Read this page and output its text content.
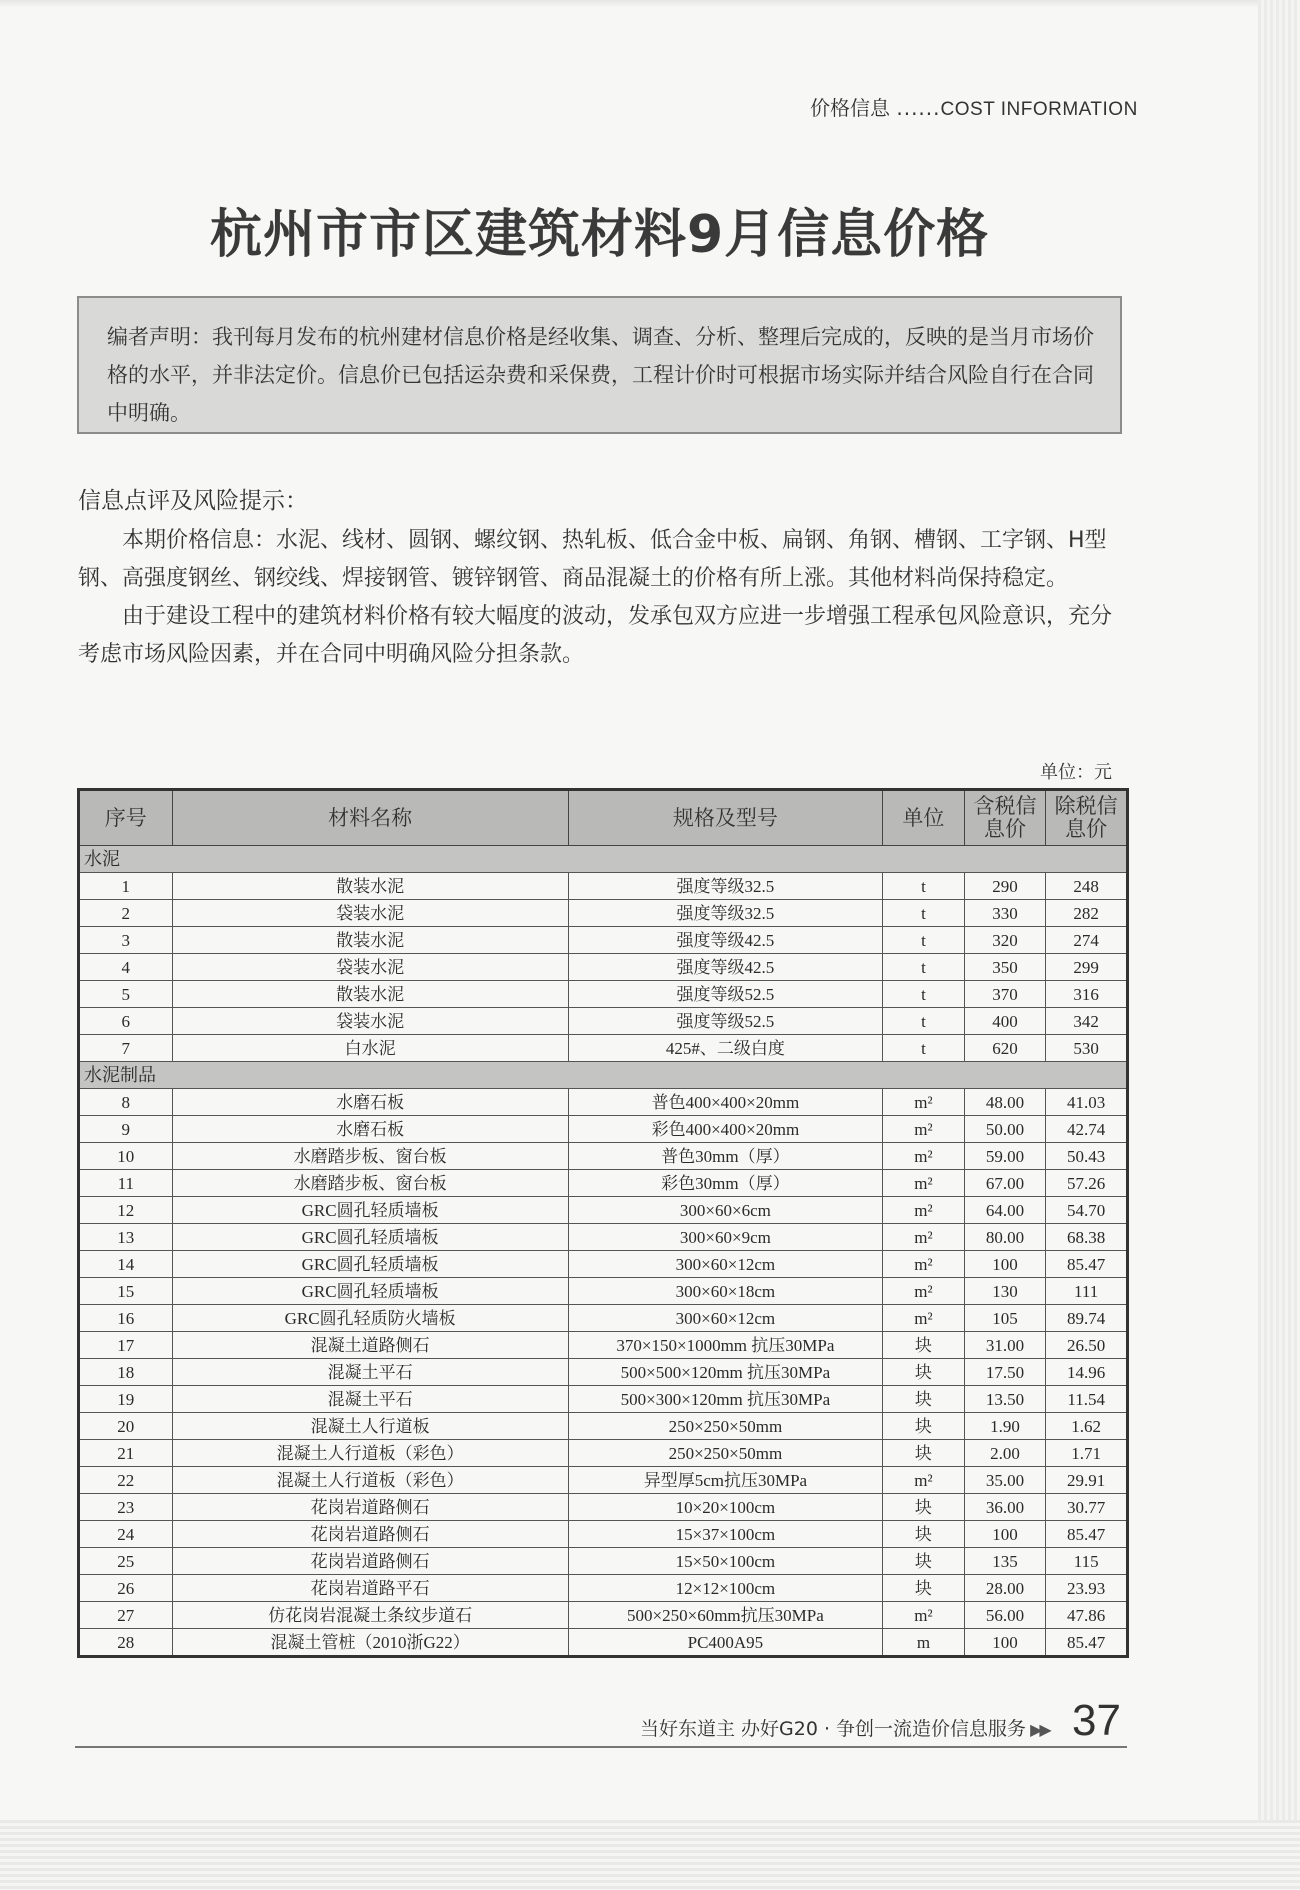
价格信息 ......COST INFORMATION
杭州市市区建筑材料9月信息价格
编者声明：我刊每月发布的杭州建材信息价格是经收集、调查、分析、整理后完成的，反映的是当月市场价格的水平，并非法定价。信息价已包括运杂费和采保费，工程计价时可根据市场实际并结合风险自行在合同中明确。
信息点评及风险提示：
本期价格信息：水泥、线材、圆钢、螺纹钢、热轧板、低合金中板、扁钢、角钢、槽钢、工字钢、H型钢、高强度钢丝、钢绞线、焊接钢管、镀锌钢管、商品混凝土的价格有所上涨。其他材料尚保持稳定。
由于建设工程中的建筑材料价格有较大幅度的波动，发承包双方应进一步增强工程承包风险意识，充分考虑市场风险因素，并在合同中明确风险分担条款。
单位：元
序号	材料名称	规格及型号	单位	含税信息价	除税信息价
水泥					
1	散装水泥	强度等级32.5	t	290	248
2	袋装水泥	强度等级32.5	t	330	282
3	散装水泥	强度等级42.5	t	320	274
4	袋装水泥	强度等级42.5	t	350	299
5	散装水泥	强度等级52.5	t	370	316
6	袋装水泥	强度等级52.5	t	400	342
7	白水泥	425#、二级白度	t	620	530
水泥制品					
8	水磨石板	普色400×400×20mm	m²	48.00	41.03
9	水磨石板	彩色400×400×20mm	m²	50.00	42.74
10	水磨踏步板、窗台板	普色30mm（厚）	m²	59.00	50.43
11	水磨踏步板、窗台板	彩色30mm（厚）	m²	67.00	57.26
12	GRC圆孔轻质墙板	300×60×6cm	m²	64.00	54.70
13	GRC圆孔轻质墙板	300×60×9cm	m²	80.00	68.38
14	GRC圆孔轻质墙板	300×60×12cm	m²	100	85.47
15	GRC圆孔轻质墙板	300×60×18cm	m²	130	111
16	GRC圆孔轻质防火墙板	300×60×12cm	m²	105	89.74
17	混凝土道路侧石	370×150×1000mm 抗压30MPa	块	31.00	26.50
18	混凝土平石	500×500×120mm 抗压30MPa	块	17.50	14.96
19	混凝土平石	500×300×120mm 抗压30MPa	块	13.50	11.54
20	混凝土人行道板	250×250×50mm	块	1.90	1.62
21	混凝土人行道板（彩色）	250×250×50mm	块	2.00	1.71
22	混凝土人行道板（彩色）	异型厚5cm抗压30MPa	m²	35.00	29.91
23	花岗岩道路侧石	10×20×100cm	块	36.00	30.77
24	花岗岩道路侧石	15×37×100cm	块	100	85.47
25	花岗岩道路侧石	15×50×100cm	块	135	115
26	花岗岩道路平石	12×12×100cm	块	28.00	23.93
27	仿花岗岩混凝土条纹步道石	500×250×60mm抗压30MPa	m²	56.00	47.86
28	混凝土管桩（2010浙G22）	PC400A95	m	100	85.47
当好东道主 办好G20 · 争创一流造价信息服务 ▶▶ 37
